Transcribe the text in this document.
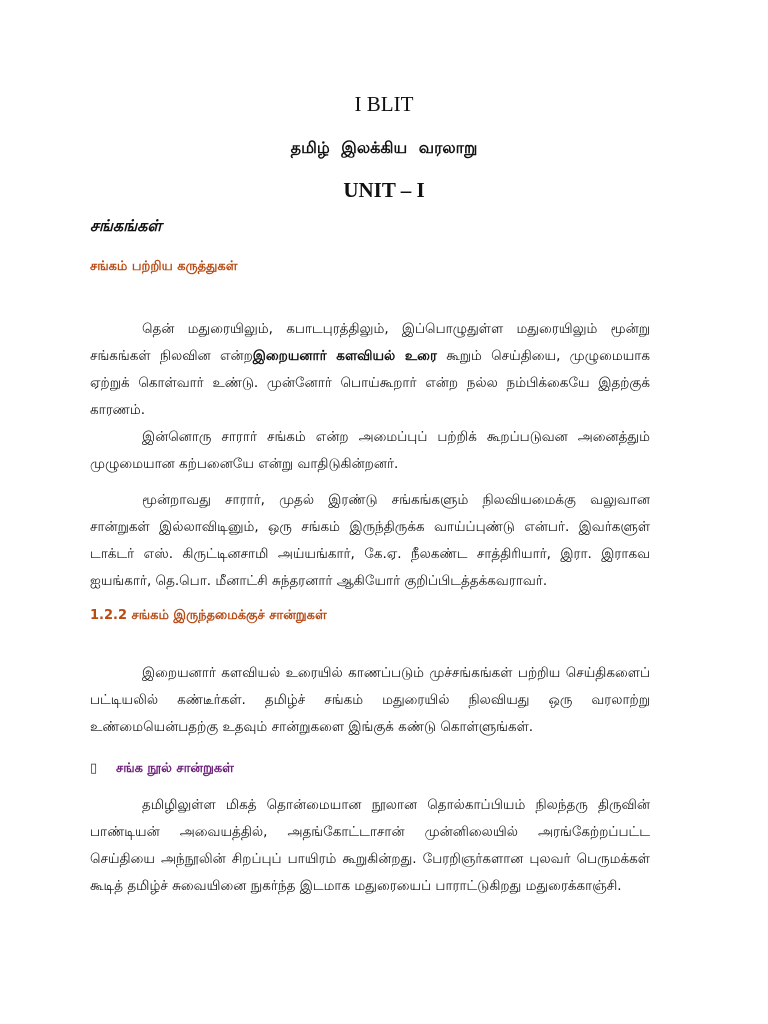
I BLIT
தமிழ் இலக்கிய வரலாறு
UNIT – I
சங்கங்கள்
சங்கம் பற்றிய கருத்துகள்

தென் மதுரையிலும், கபாடபுரத்திலும், இப்பொழுதுள்ள மதுரையிலும் மூன்று சங்கங்கள் நிலவின என்றஇறையனார் களவியல் உரை கூறும் செய்தியை, முழுமையாக ஏற்றுக் கொள்வார் உண்டு. முன்னோர் பொய்கூறார் என்ற நல்ல நம்பிக்கையே இதற்குக் காரணம்.

இன்னொரு சாரார் சங்கம் என்ற அமைப்புப் பற்றிக் கூறப்படுவன அனைத்தும் முழுமையான கற்பனையே என்று வாதிடுகின்றனர்.

மூன்றாவது சாரார், முதல் இரண்டு சங்கங்களும் நிலவியமைக்கு வலுவான சான்றுகள் இல்லாவிடினும், ஒரு சங்கம் இருந்திருக்க வாய்ப்புண்டு என்பர். இவர்களுள் டாக்டர் எஸ். கிருட்டினசாமி அய்யங்கார், கே.ஏ. நீலகண்ட சாத்திரியார், இரா. இராகவ ஐயங்கார், தெ.பொ. மீனாட்சி சுந்தரனார் ஆகியோர் குறிப்பிடத்தக்கவராவர்.

1.2.2 சங்கம் இருந்தமைக்குச் சான்றுகள்

இறையனார் களவியல் உரையில் காணப்படும் முச்சங்கங்கள் பற்றிய செய்திகளைப் பட்டியலில் கண்டீர்கள். தமிழ்ச் சங்கம் மதுரையில் நிலவியது ஒரு வரலாற்று உண்மையென்பதற்கு உதவும் சான்றுகளை இங்குக் கண்டு கொள்ளுங்கள்.

▯ சங்க நூல் சான்றுகள்

தமிழிலுள்ள மிகத் தொன்மையான நூலான தொல்காப்பியம் நிலந்தரு திருவின் பாண்டியன் அவையத்தில், அதங்கோட்டாசான் முன்னிலையில் அரங்கேற்றப்பட்ட செய்தியை அந்நூலின் சிறப்புப் பாயிரம் கூறுகின்றது. பேரறிஞர்களான புலவர் பெருமக்கள் கூடித் தமிழ்ச் சுவையினை நுகர்ந்த இடமாக மதுரையைப் பாராட்டுகிறது மதுரைக்காஞ்சி.
